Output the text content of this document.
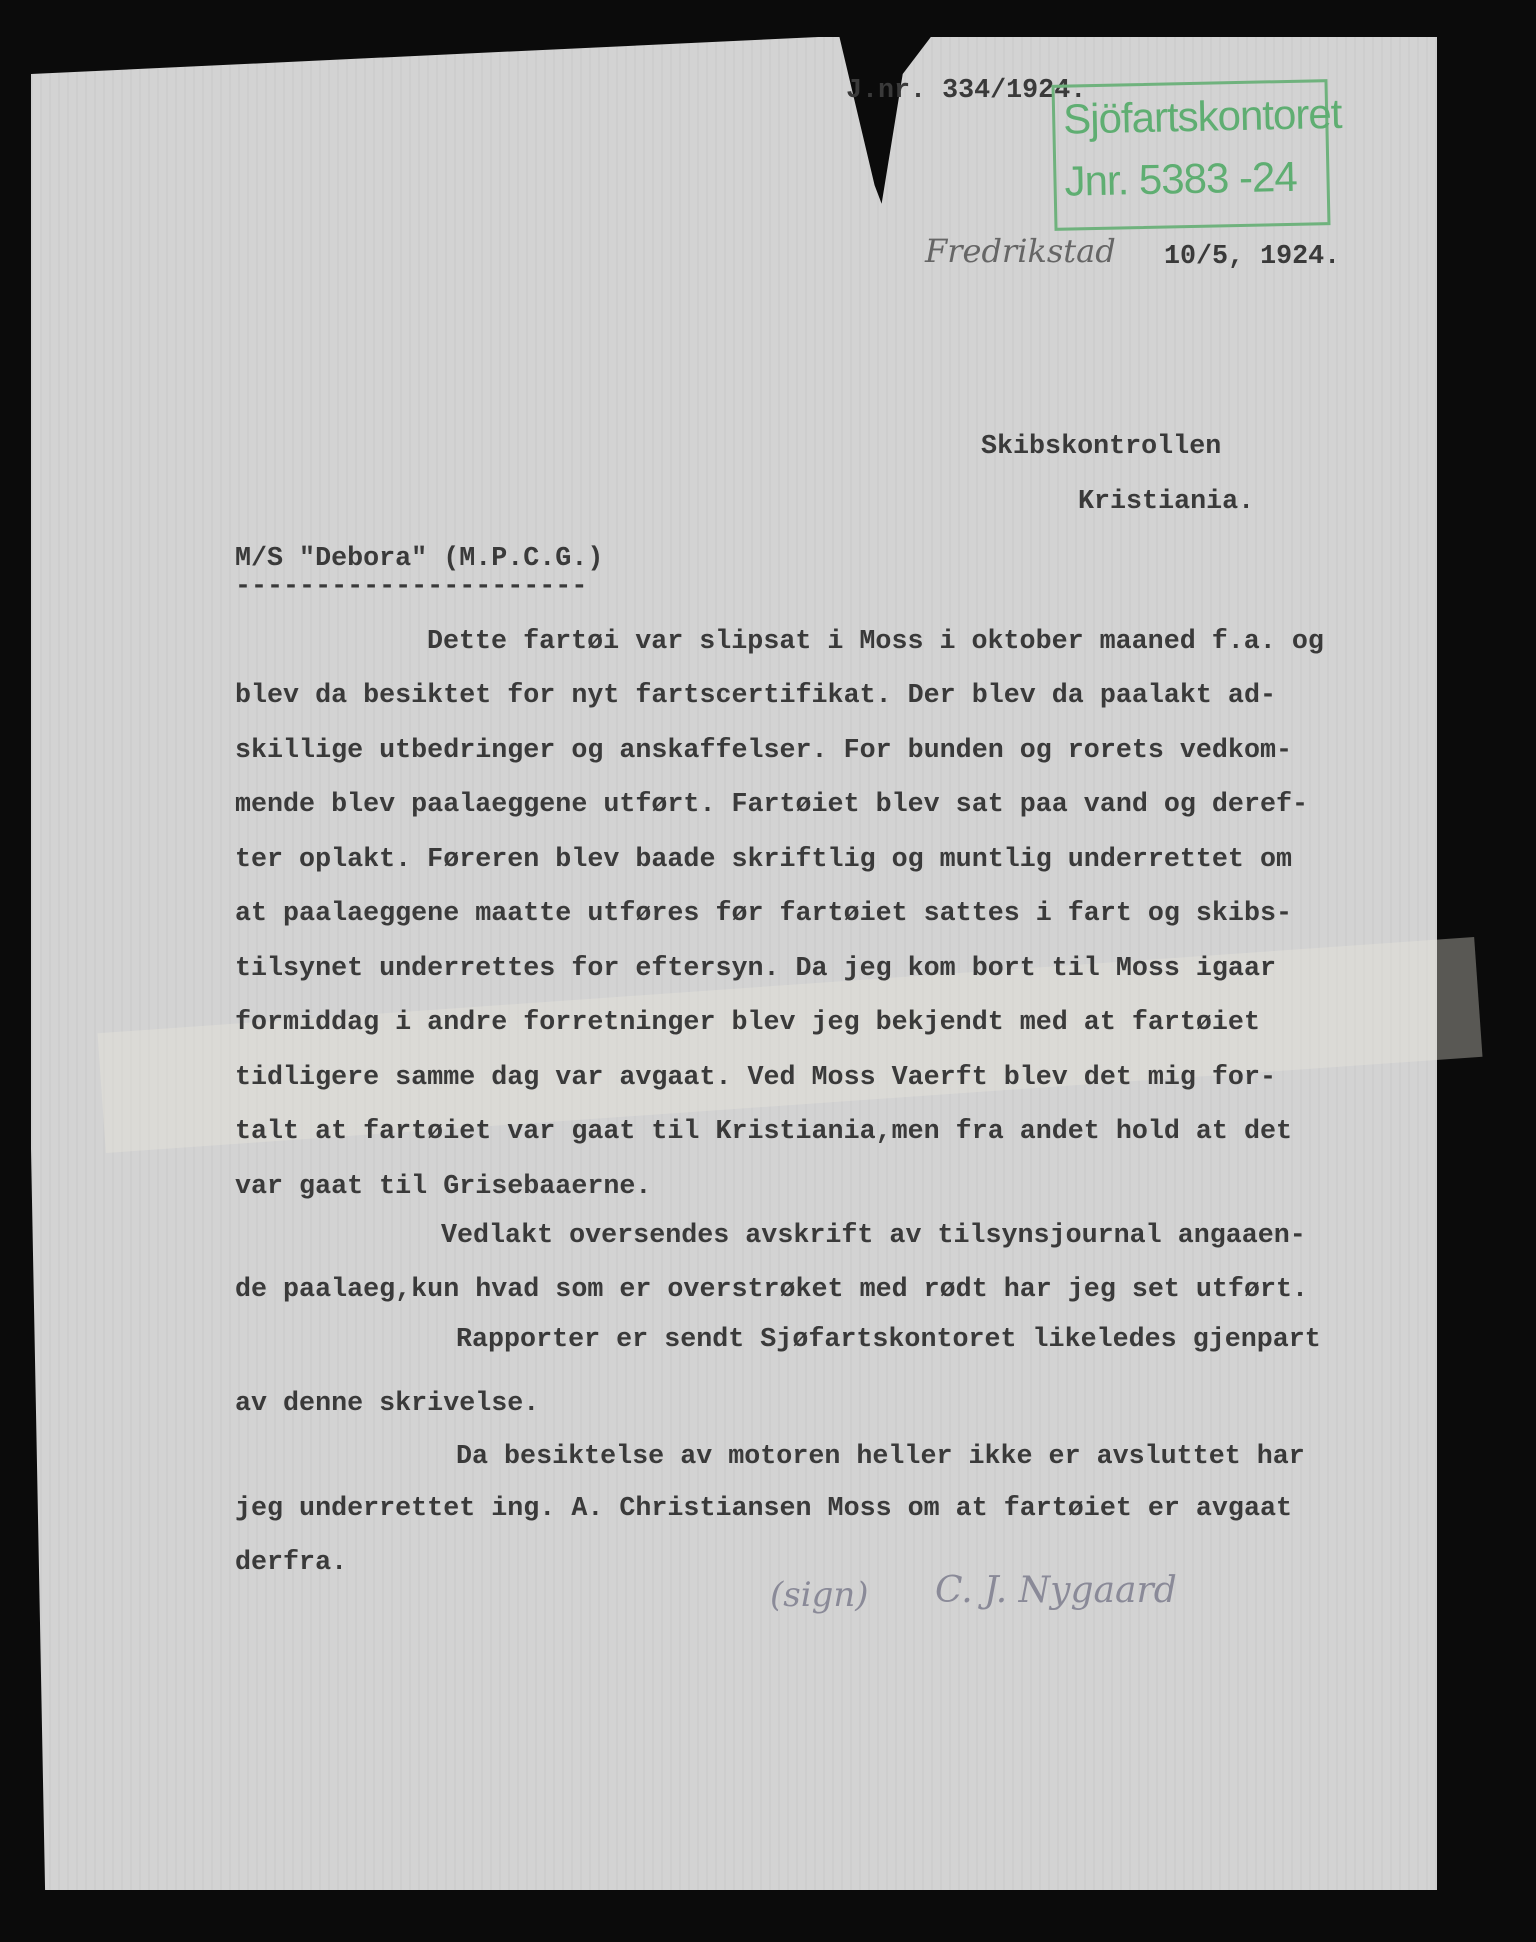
J.nr. 334/1924.
Sjöfartskontoret
Jnr. 5383 -24
Fredrikstad 10/5, 1924.
Skibskontrollen
Kristiania.
M/S "Debora" (M.P.C.G.)
----------------------
Dette fartøi var slipsat i Moss i oktober maaned f.a. og
blev da besiktet for nyt fartscertifikat. Der blev da paalakt ad-
skillige utbedringer og anskaffelser. For bunden og rorets vedkom-
mende blev paalaeggene utført. Fartøiet blev sat paa vand og deref-
ter oplakt. Føreren blev baade skriftlig og muntlig underrettet om
at paalaeggene maatte utføres før fartøiet sattes i fart og skibs-
tilsynet underrettes for eftersyn. Da jeg kom bort til Moss igaar
formiddag i andre forretninger blev jeg bekjendt med at fartøiet
tidligere samme dag var avgaat. Ved Moss Vaerft blev det mig for-
talt at fartøiet var gaat til Kristiania,men fra andet hold at det
var gaat til Grisebaaerne.
Vedlakt oversendes avskrift av tilsynsjournal angaaen-
de paalaeg,kun hvad som er overstrøket med rødt har jeg set utført.
Rapporter er sendt Sjøfartskontoret likeledes gjenpart
av denne skrivelse.
Da besiktelse av motoren heller ikke er avsluttet har
jeg underrettet ing. A. Christiansen Moss om at fartøiet er avgaat
derfra.
(sign) C. J. Nygaard
